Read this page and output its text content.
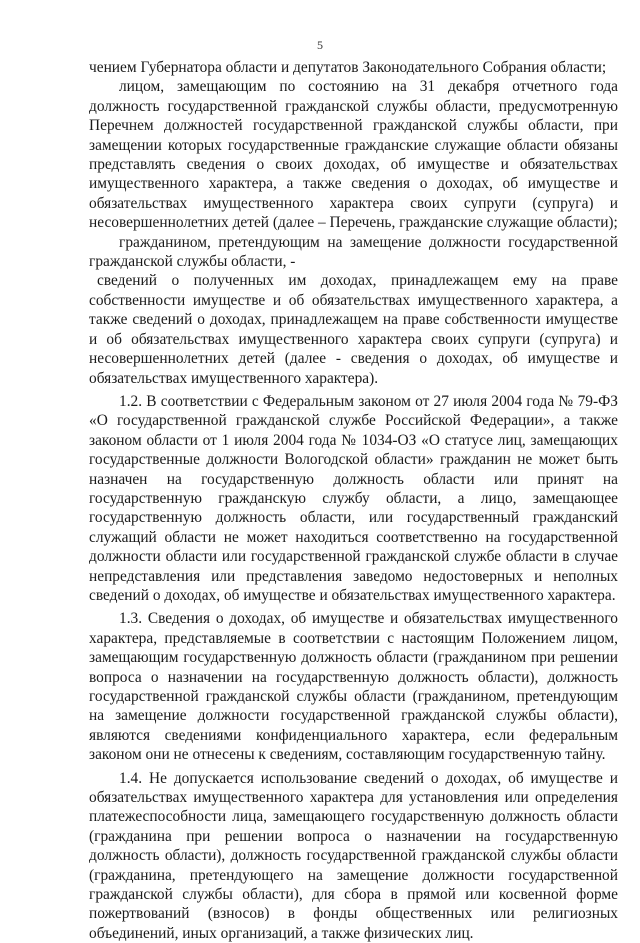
5

чением Губернатора области и депутатов Законодательного Собрания области;

лицом, замещающим по состоянию на 31 декабря отчетного года должность государственной гражданской службы области, предусмотренную Перечнем должностей государственной гражданской службы области, при замещении которых государственные гражданские служащие области обязаны представлять сведения о своих доходах, об имуществе и обязательствах имущественного характера, а также сведения о доходах, об имуществе и обязательствах имущественного характера своих супруги (супруга) и несовершеннолетних детей (далее – Перечень, гражданские служащие области);

гражданином, претендующим на замещение должности государственной гражданской службы области, -

сведений о полученных им доходах, принадлежащем ему на праве собственности имуществе и об обязательствах имущественного характера, а также сведений о доходах, принадлежащем на праве собственности имуществе и об обязательствах имущественного характера своих супруги (супруга) и несовершеннолетних детей (далее - сведения о доходах, об имуществе и обязательствах имущественного характера).

1.2. В соответствии с Федеральным законом от 27 июля 2004 года № 79-ФЗ «О государственной гражданской службе Российской Федерации», а также законом области от 1 июля 2004 года № 1034-ОЗ «О статусе лиц, замещающих государственные должности Вологодской области» гражданин не может быть назначен на государственную должность области или принят на государственную гражданскую службу области, а лицо, замещающее государственную должность области, или государственный гражданский служащий области не может находиться соответственно на государственной должности области или государственной гражданской службе области в случае непредставления или представления заведомо недостоверных и неполных сведений о доходах, об имуществе и обязательствах имущественного характера.

1.3. Сведения о доходах, об имуществе и обязательствах имущественного характера, представляемые в соответствии с настоящим Положением лицом, замещающим государственную должность области (гражданином при решении вопроса о назначении на государственную должность области), должность государственной гражданской службы области (гражданином, претендующим на замещение должности государственной гражданской службы области), являются сведениями конфиденциального характера, если федеральным законом они не отнесены к сведениям, составляющим государственную тайну.

1.4. Не допускается использование сведений о доходах, об имуществе и обязательствах имущественного характера для установления или определения платежеспособности лица, замещающего государственную должность области (гражданина при решении вопроса о назначении на государственную должность области), должность государственной гражданской службы области (гражданина, претендующего на замещение должности государственной гражданской службы области), для сбора в прямой или косвенной форме пожертвований (взносов) в фонды общественных или религиозных объединений, иных организаций, а также физических лиц.
